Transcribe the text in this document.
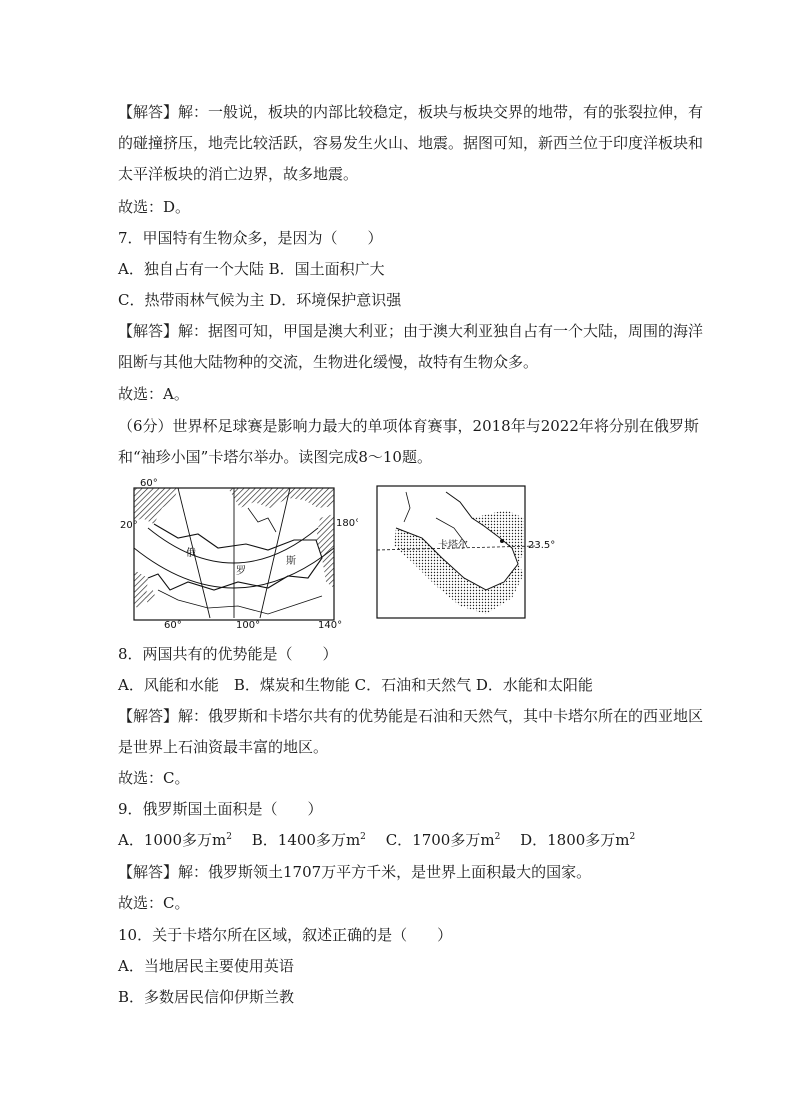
【解答】解：一般说，板块的内部比较稳定，板块与板块交界的地带，有的张裂拉伸，有
的碰撞挤压，地壳比较活跃，容易发生火山、地震。据图可知，新西兰位于印度洋板块和
太平洋板块的消亡边界，故多地震。
故选：D。
7．甲国特有生物众多，是因为（　　）
A．独自占有一个大陆 B．国土面积广大
C．热带雨林气候为主 D．环境保护意识强
【解答】解：据图可知，甲国是澳大利亚；由于澳大利亚独自占有一个大陆，周围的海洋
阻断与其他大陆物种的交流，生物进化缓慢，故特有生物众多。
故选：A。
（6分）世界杯足球赛是影响力最大的单项体育赛事，2018年与2022年将分别在俄罗斯
和“袖珍小国”卡塔尔举办。读图完成8～10题。
60°
20°	180°
60°	100°	140°
俄
罗
斯
卡塔尔	23.5°
8．两国共有的优势能是（　　）
A．风能和水能　B．煤炭和生物能 C．石油和天然气 D．水能和太阳能
【解答】解：俄罗斯和卡塔尔共有的优势能是石油和天然气，其中卡塔尔所在的西亚地区
是世界上石油资最丰富的地区。
故选：C。
9．俄罗斯国土面积是（　　）
A．1000多万$m^2$　 B．1400多万$m^2$　 C．1700多万$m^2$　 D．1800多万$m^2$
【解答】解：俄罗斯领土1707万平方千米，是世界上面积最大的国家。
故选：C。
10．关于卡塔尔所在区域，叙述正确的是（　　）
A．当地居民主要使用英语
B．多数居民信仰伊斯兰教
